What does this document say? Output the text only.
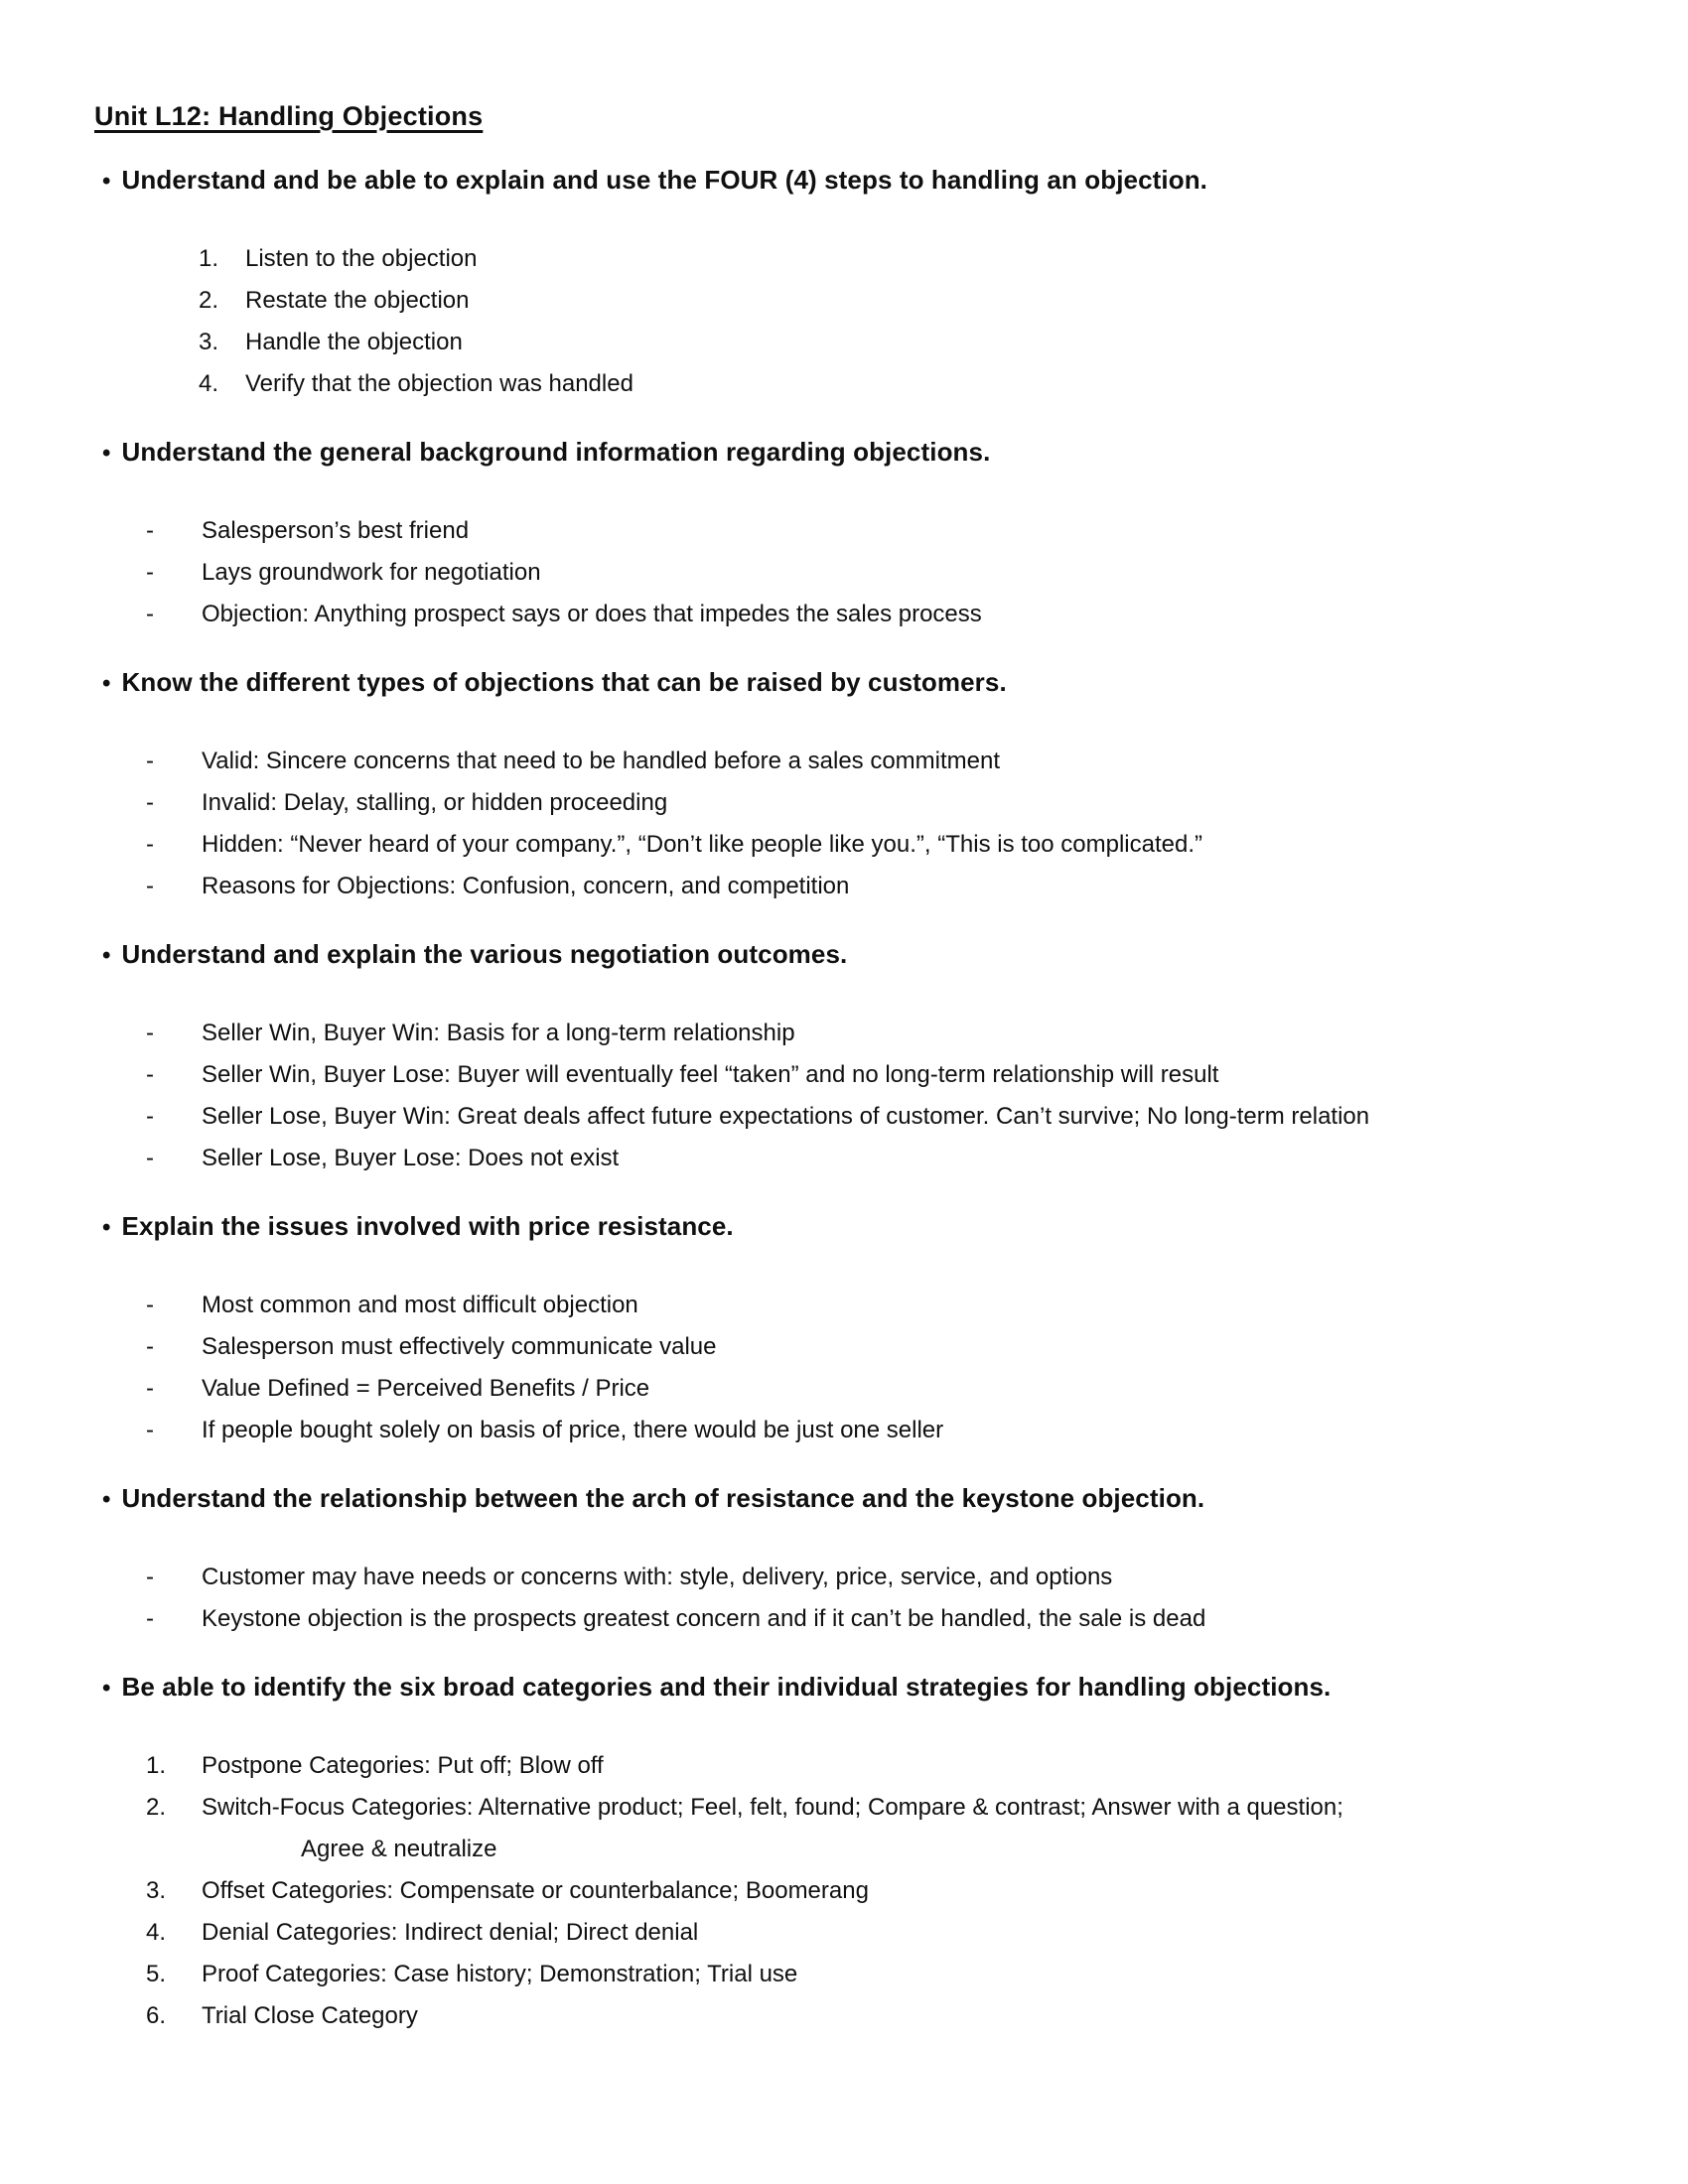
Unit L12: Handling Objections
• Understand and be able to explain and use the FOUR (4) steps to handling an objection.
1. Listen to the objection
2. Restate the objection
3. Handle the objection
4. Verify that the objection was handled
• Understand the general background information regarding objections.
- Salesperson’s best friend
- Lays groundwork for negotiation
- Objection: Anything prospect says or does that impedes the sales process
• Know the different types of objections that can be raised by customers.
- Valid: Sincere concerns that need to be handled before a sales commitment
- Invalid: Delay, stalling, or hidden proceeding
- Hidden: “Never heard of your company.”, “Don’t like people like you.”, “This is too complicated.”
- Reasons for Objections: Confusion, concern, and competition
• Understand and explain the various negotiation outcomes.
- Seller Win, Buyer Win: Basis for a long-term relationship
- Seller Win, Buyer Lose: Buyer will eventually feel “taken” and no long-term relationship will result
- Seller Lose, Buyer Win: Great deals affect future expectations of customer. Can’t survive; No long-term relation
- Seller Lose, Buyer Lose: Does not exist
• Explain the issues involved with price resistance.
- Most common and most difficult objection
- Salesperson must effectively communicate value
- Value Defined = Perceived Benefits / Price
- If people bought solely on basis of price, there would be just one seller
• Understand the relationship between the arch of resistance and the keystone objection.
- Customer may have needs or concerns with: style, delivery, price, service, and options
- Keystone objection is the prospects greatest concern and if it can’t be handled, the sale is dead
• Be able to identify the six broad categories and their individual strategies for handling objections.
1. Postpone Categories: Put off; Blow off
2. Switch-Focus Categories: Alternative product; Feel, felt, found; Compare & contrast; Answer with a question;
Agree & neutralize
3. Offset Categories: Compensate or counterbalance; Boomerang
4. Denial Categories: Indirect denial; Direct denial
5. Proof Categories: Case history; Demonstration; Trial use
6. Trial Close Category
